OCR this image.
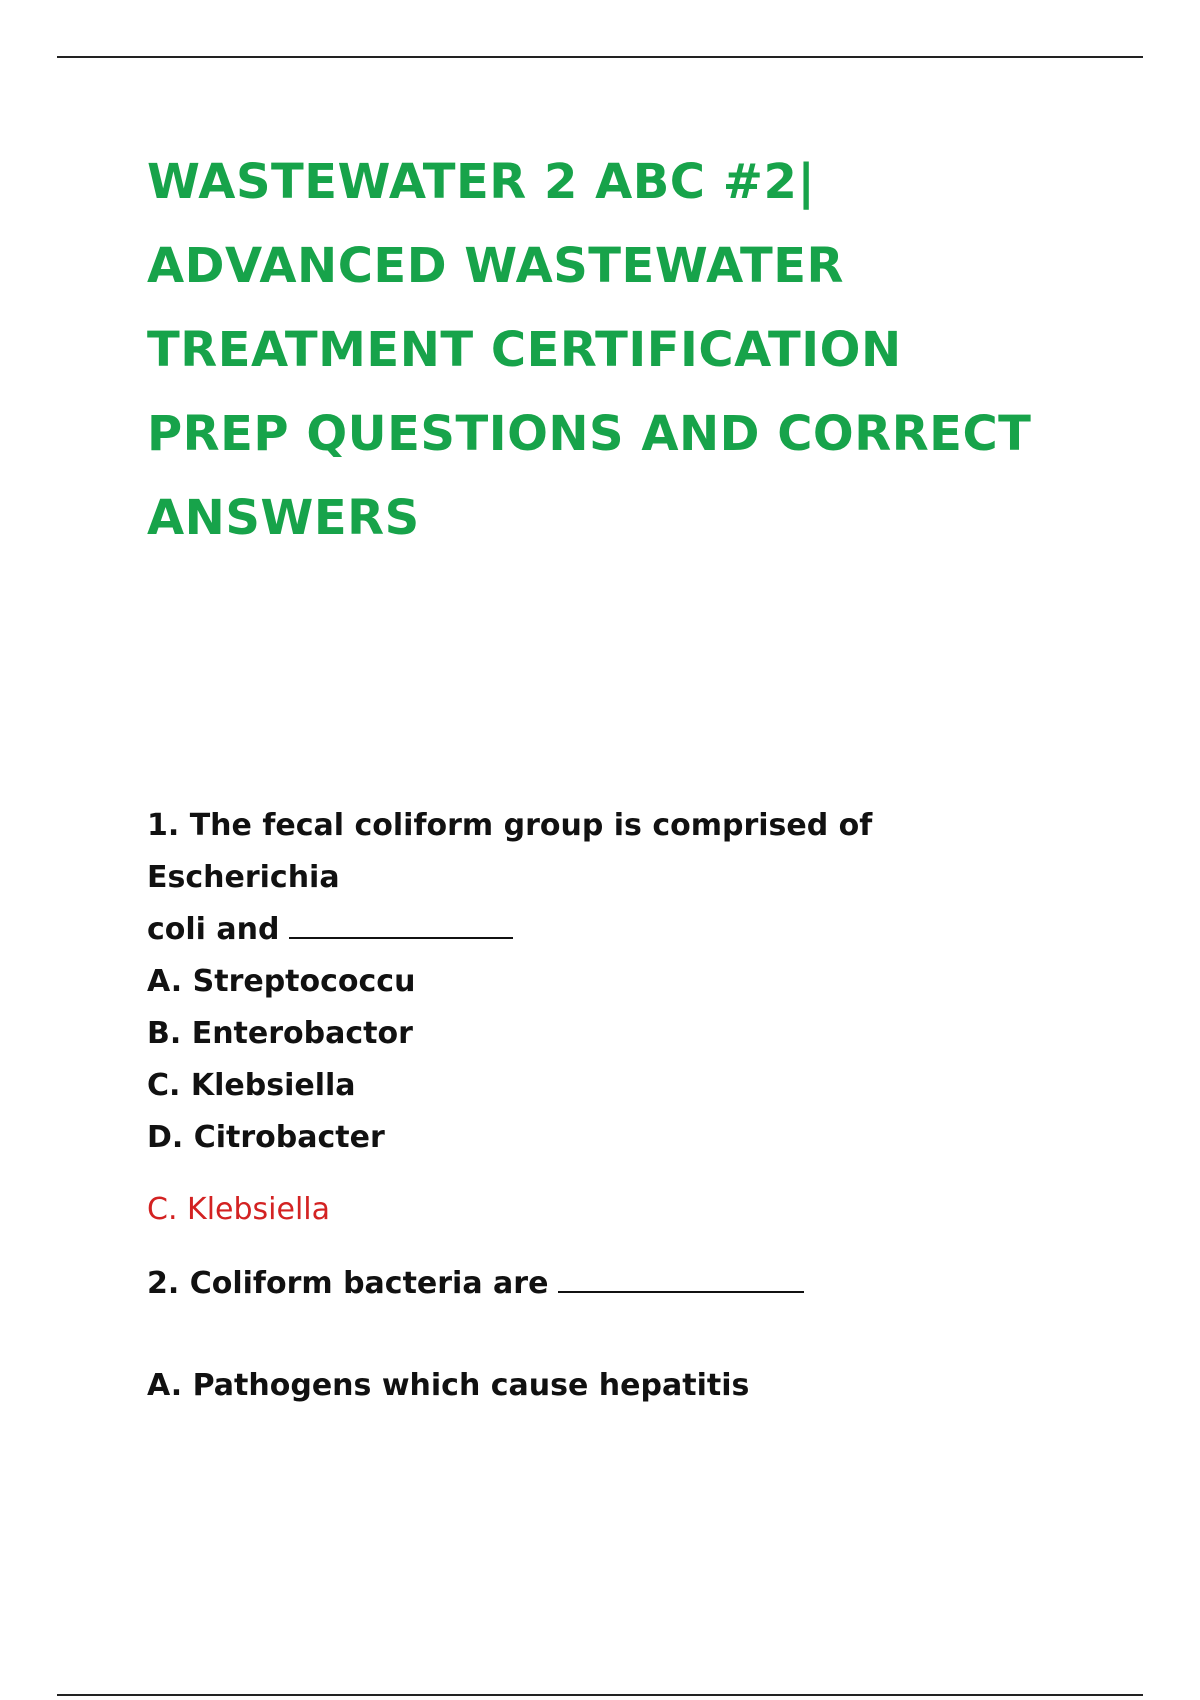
WASTEWATER 2 ABC #2|
ADVANCED WASTEWATER
TREATMENT CERTIFICATION
PREP QUESTIONS AND CORRECT
ANSWERS

1. The fecal coliform group is comprised of Escherichia
coli and

A. Streptococcu
B. Enterobactor
C. Klebsiella
D. Citrobacter
C. Klebsiella

2. Coliform bacteria are

A. Pathogens which cause hepatitis
